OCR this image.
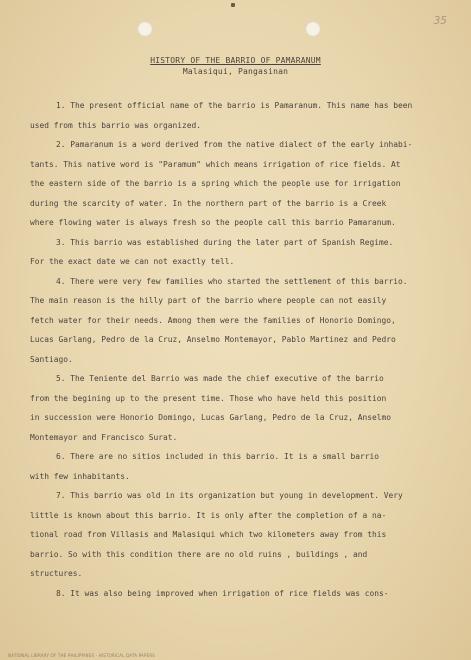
35
HISTORY OF THE BARRIO OF PAMARANUM
Malasiqui, Pangasinan
1. The present official name of the barrio is Pamaranum. This name has been
used from this barrio was organized.
2. Pamaranum is a word derived from the native dialect of the early inhabi-
tants. This native word is "Paramum" which means irrigation of rice fields. At
the eastern side of the barrio is a spring which the people use for irrigation
during the scarcity of water. In the northern part of the barrio is a Creek
where flowing water is always fresh so the people call this barrio Pamaranum.
3. This barrio was established during the later part of Spanish Regime.
For the exact date we can not exactly tell.
4. There were very few families who started the settlement of this barrio.
The main reason is the hilly part of the barrio where people can not easily
fetch water for their needs. Among them were the families of Honorio Domingo,
Lucas Garlang, Pedro de la Cruz, Anselmo Montemayor, Pablo Martinez and Pedro
Santiago.
5. The Teniente del Barrio was made the chief executive of the barrio
from the begining up to the present time. Those who have held this position
in succession were Honorio Domingo, Lucas Garlang, Pedro de la Cruz, Anselmo
Montemayor and Francisco Surat.
6. There are no sitios included in this barrio. It is a small barrio
with few inhabitants.
7. This barrio was old in its organization but young in development. Very
little is known about this barrio. It is only after the completion of a na-
tional road from Villasis and Malasiqui which two kilometers away from this
barrio. So with this condition there are no old ruins , buildings , and
structures.
8. It was also being improved when irrigation of rice fields was cons-
NATIONAL LIBRARY OF THE PHILIPPINES · HISTORICAL DATA PAPERS
